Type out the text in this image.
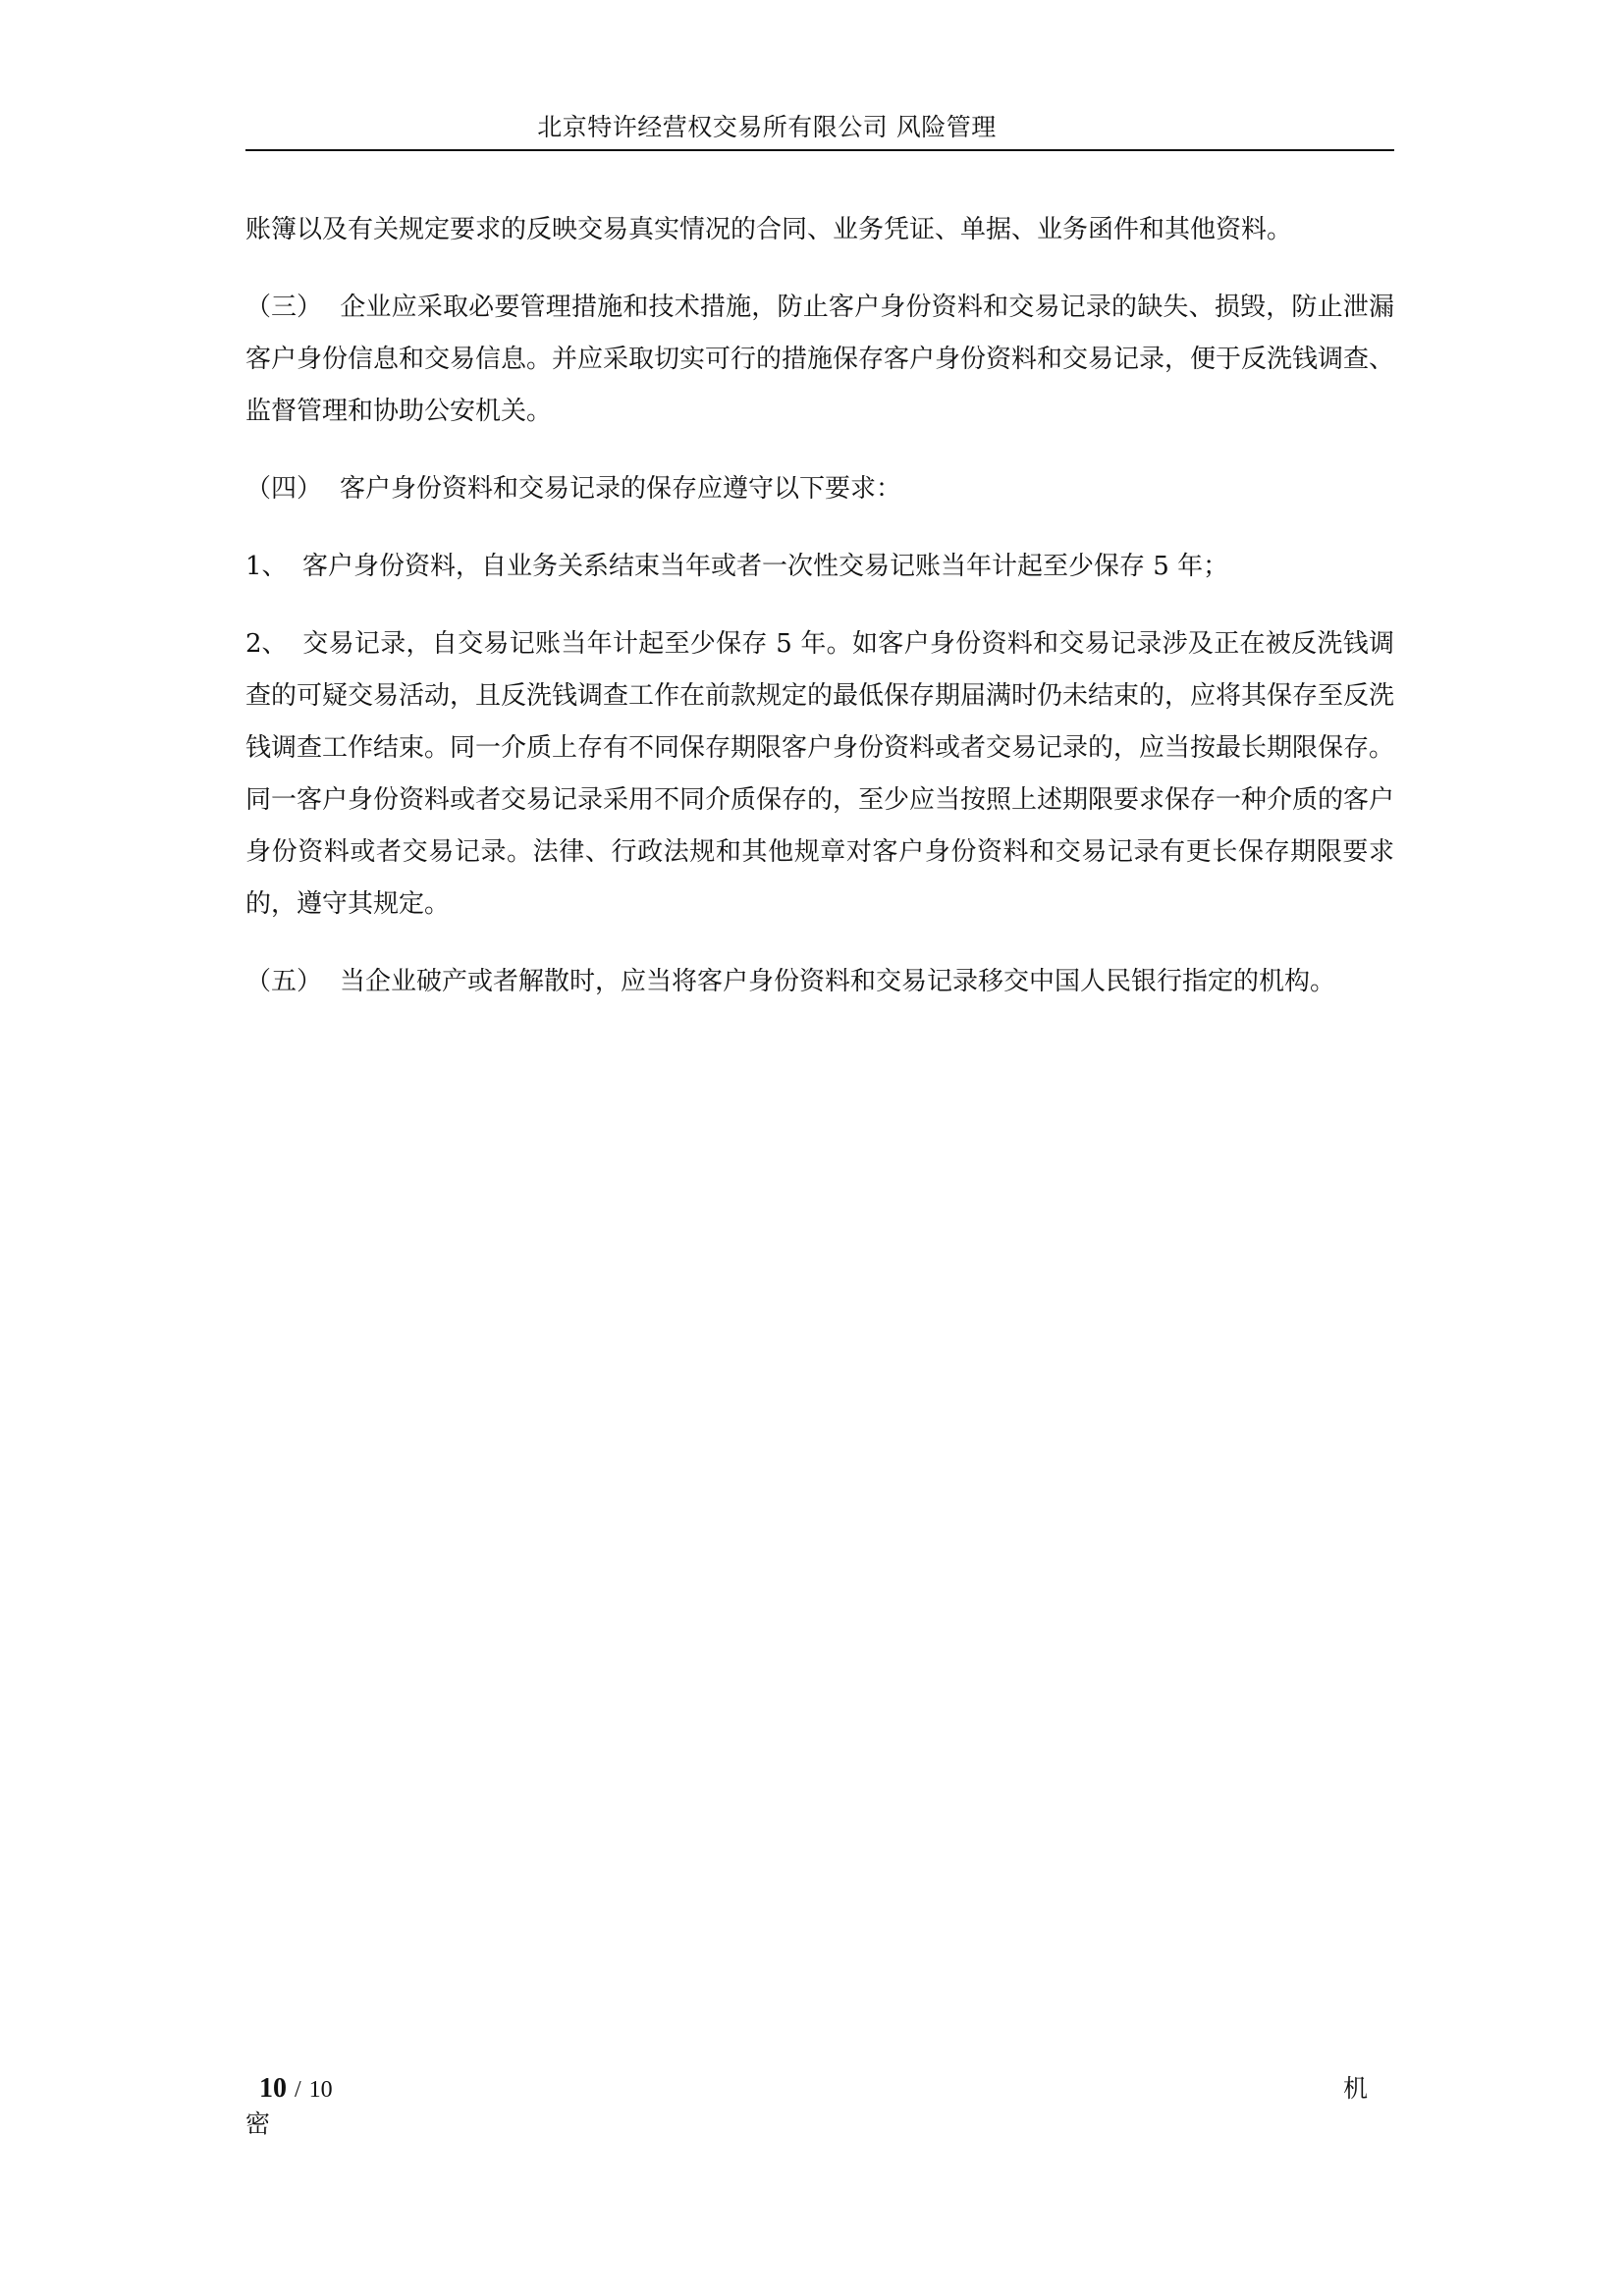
北京特许经营权交易所有限公司 风险管理

账簿以及有关规定要求的反映交易真实情况的合同、业务凭证、单据、业务函件和其他资料。

（三） 企业应采取必要管理措施和技术措施，防止客户身份资料和交易记录的缺失、损毁，防止泄漏客户身份信息和交易信息。并应采取切实可行的措施保存客户身份资料和交易记录，便于反洗钱调查、监督管理和协助公安机关。

（四） 客户身份资料和交易记录的保存应遵守以下要求：

1、 客户身份资料，自业务关系结束当年或者一次性交易记账当年计起至少保存 5 年；

2、 交易记录，自交易记账当年计起至少保存 5 年。如客户身份资料和交易记录涉及正在被反洗钱调查的可疑交易活动，且反洗钱调查工作在前款规定的最低保存期届满时仍未结束的，应将其保存至反洗钱调查工作结束。同一介质上存有不同保存期限客户身份资料或者交易记录的，应当按最长期限保存。同一客户身份资料或者交易记录采用不同介质保存的，至少应当按照上述期限要求保存一种介质的客户身份资料或者交易记录。法律、行政法规和其他规章对客户身份资料和交易记录有更长保存期限要求的，遵守其规定。

（五） 当企业破产或者解散时，应当将客户身份资料和交易记录移交中国人民银行指定的机构。

10 / 10	机
密
